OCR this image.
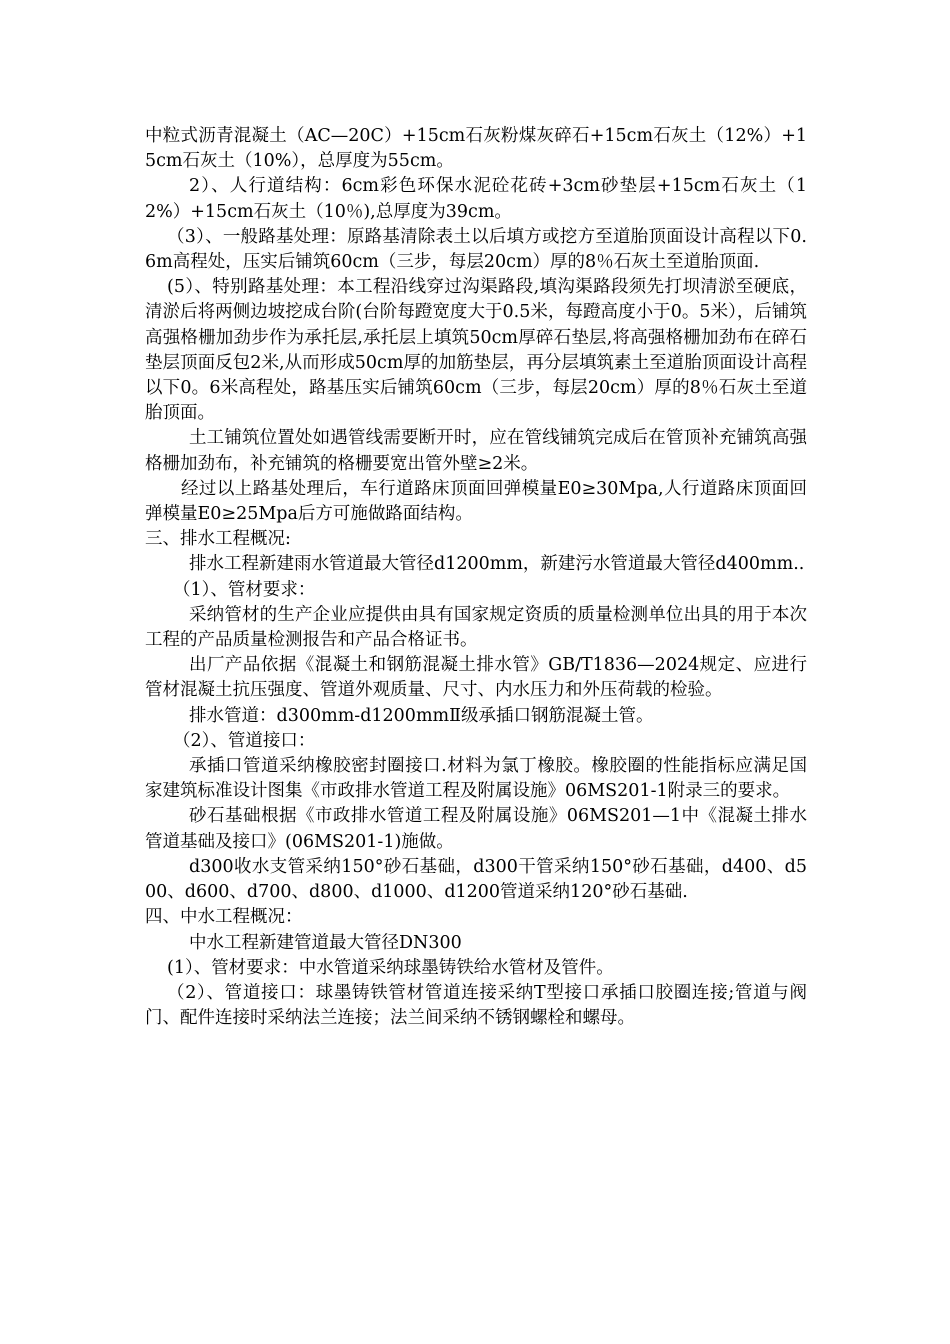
中粒式沥青混凝土（AC—20C）+15cm石灰粉煤灰碎石+15cm石灰土（12%）+15cm石灰土（10%），总厚度为55cm。

2）、人行道结构：6cm彩色环保水泥砼花砖+3cm砂垫层+15cm石灰土（12%）+15cm石灰土（10％),总厚度为39cm。

（3）、一般路基处理：原路基清除表土以后填方或挖方至道胎顶面设计高程以下0.6m高程处，压实后铺筑60cm（三步，每层20cm）厚的8％石灰土至道胎顶面.

(5）、特别路基处理：本工程沿线穿过沟渠路段,填沟渠路段须先打坝清淤至硬底，清淤后将两侧边坡挖成台阶(台阶每蹬宽度大于0.5米，每蹬高度小于0。5米），后铺筑高强格栅加劲步作为承托层,承托层上填筑50cm厚碎石垫层,将高强格栅加劲布在碎石垫层顶面反包2米,从而形成50cm厚的加筋垫层，再分层填筑素土至道胎顶面设计高程以下0。6米高程处，路基压实后铺筑60cm（三步，每层20cm）厚的8％石灰土至道胎顶面。

土工铺筑位置处如遇管线需要断开时，应在管线铺筑完成后在管顶补充铺筑高强格栅加劲布，补充铺筑的格栅要宽出管外壁≥2米。

经过以上路基处理后，车行道路床顶面回弹模量E0≥30Mpa,人行道路床顶面回弹模量E0≥25Mpa后方可施做路面结构。

三、排水工程概况:

排水工程新建雨水管道最大管径d1200mm，新建污水管道最大管径d400mm..

（1）、管材要求：

采纳管材的生产企业应提供由具有国家规定资质的质量检测单位出具的用于本次工程的产品质量检测报告和产品合格证书。

出厂产品依据《混凝土和钢筋混凝土排水管》GB/T1836—2024规定、应进行管材混凝土抗压强度、管道外观质量、尺寸、内水压力和外压荷载的检验。

排水管道：d300mm-d1200mmⅡ级承插口钢筋混凝土管。

（2）、管道接口：

承插口管道采纳橡胶密封圈接口.材料为氯丁橡胶。橡胶圈的性能指标应满足国家建筑标准设计图集《市政排水管道工程及附属设施》06MS201-1附录三的要求。

砂石基础根据《市政排水管道工程及附属设施》06MS201—1中《混凝土排水管道基础及接口》(06MS201-1)施做。

d300收水支管采纳150°砂石基础，d300干管采纳150°砂石基础，d400、d500、d600、d700、d800、d1000、d1200管道采纳120°砂石基础.

四、中水工程概况：

中水工程新建管道最大管径DN300

(1）、管材要求：中水管道采纳球墨铸铁给水管材及管件。

（2）、管道接口：球墨铸铁管材管道连接采纳T型接口承插口胶圈连接;管道与阀门、配件连接时采纳法兰连接；法兰间采纳不锈钢螺栓和螺母。
